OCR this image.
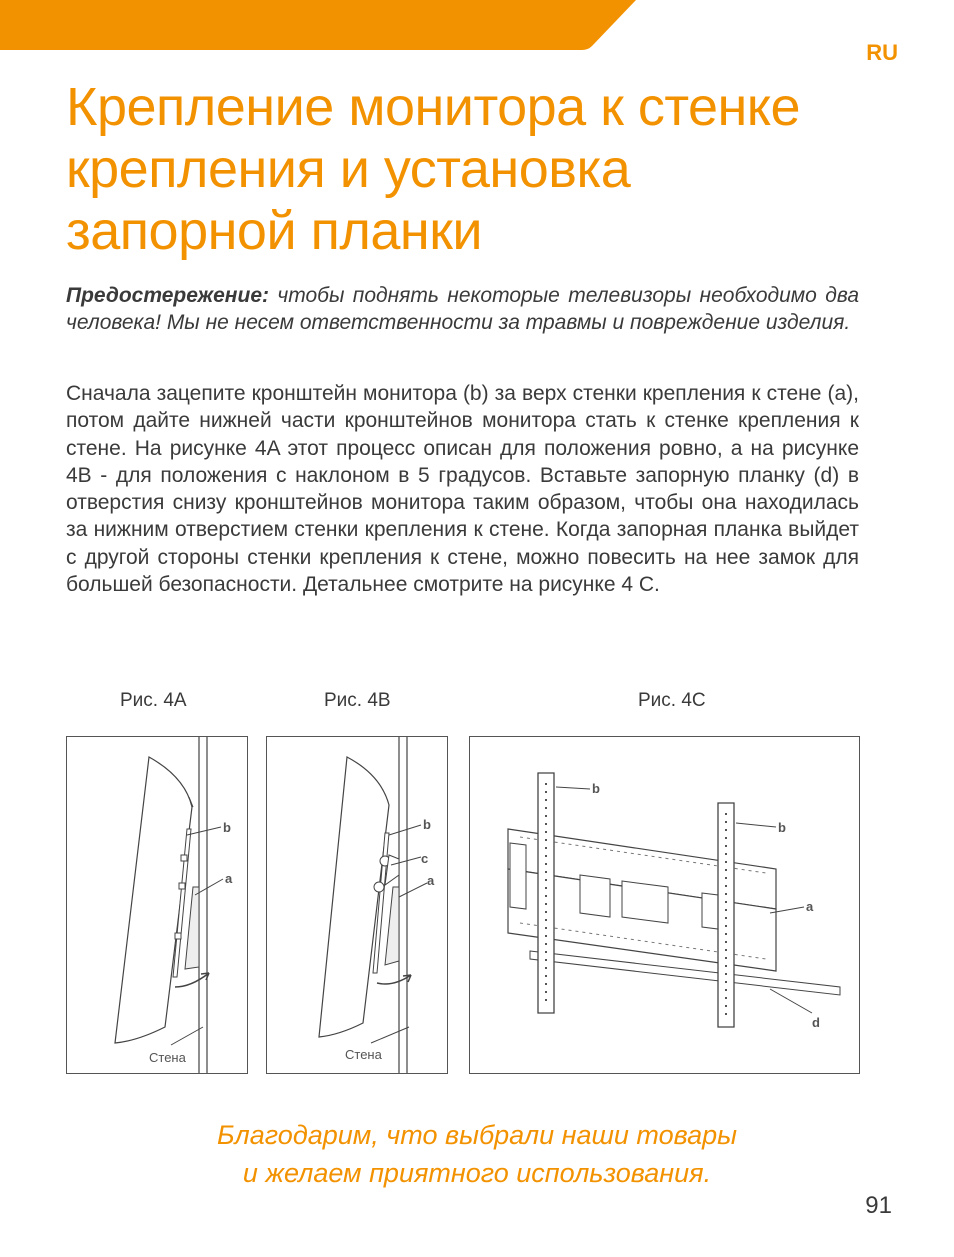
RU
Крепление монитора к стенке
крепления и установка
запорной планки

Предостережение: чтобы поднять некоторые телевизоры необходимо два человека! Мы не несем ответственности за травмы и повреждение изделия.

Сначала зацепите кронштейн монитора (b) за верх стенки крепления к стене (a), потом дайте нижней части кронштейнов монитора стать к стенке крепления к стене. На рисунке 4A этот процесс описан для положения ровно, а на рисунке 4B - для положения с наклоном в 5 градусов. Вставьте запорную планку (d) в отверстия снизу кронштейнов монитора таким образом, чтобы она находилась за нижним отверстием стенки крепления к стене. Когда запорная планка выйдет с другой стороны стенки крепления к стене, можно повесить на нее замок для большей безопасности. Детальнее смотрите на рисунке 4 C.

Рис. 4A	Рис. 4B	Рис. 4C
b
a
Стена
b
c
a
Стена
b
b
a
d
Благодарим, что выбрали наши товары
и желаем приятного использования.
91
